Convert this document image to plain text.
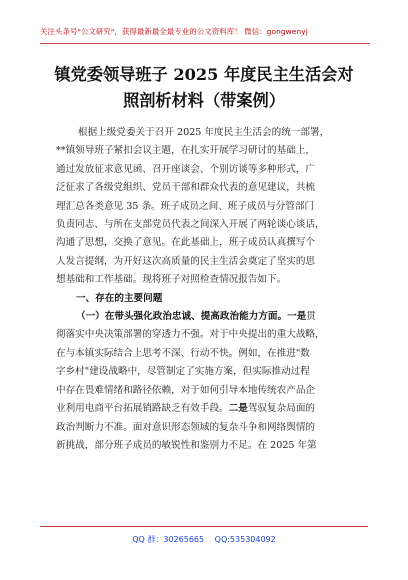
关注头条号"公文研究"，获得最新最全最专业的公文资料库！ 微信：gongwenyj
镇党委领导班子 2025 年度民主生活会对
照剖析材料（带案例）
根据上级党委关于召开 2025 年度民主生活会的统一部署，
**镇领导班子紧扣会议主题，在扎实开展学习研讨的基础上，
通过发放征求意见函、召开座谈会、个别访谈等多种形式，广
泛征求了各级党组织、党员干部和群众代表的意见建议，共梳
理汇总各类意见 35 条。班子成员之间、班子成员与分管部门
负责同志、与所在支部党员代表之间深入开展了两轮谈心谈话，
沟通了思想，交换了意见。在此基础上，班子成员认真撰写个
人发言提纲，为开好这次高质量的民主生活会奠定了坚实的思
想基础和工作基础。现将班子对照检查情况报告如下。
一、存在的主要问题
（一）在带头强化政治忠诚、提高政治能力方面。一是贯
彻落实中央决策部署的穿透力不强。对于中央提出的重大战略，
在与本镇实际结合上思考不深、行动不快。例如，在推进"数
字乡村"建设战略中，尽管制定了实施方案，但实际推动过程
中存在畏难情绪和路径依赖，对于如何引导本地传统农产品企
业利用电商平台拓展销路缺乏有效手段。二是驾驭复杂局面的
政治判断力不准。面对意识形态领域的复杂斗争和网络舆情的
新挑战，部分班子成员的敏锐性和鉴别力不足。在 2025 年第
QQ 群：30265665 QQ:535304092
